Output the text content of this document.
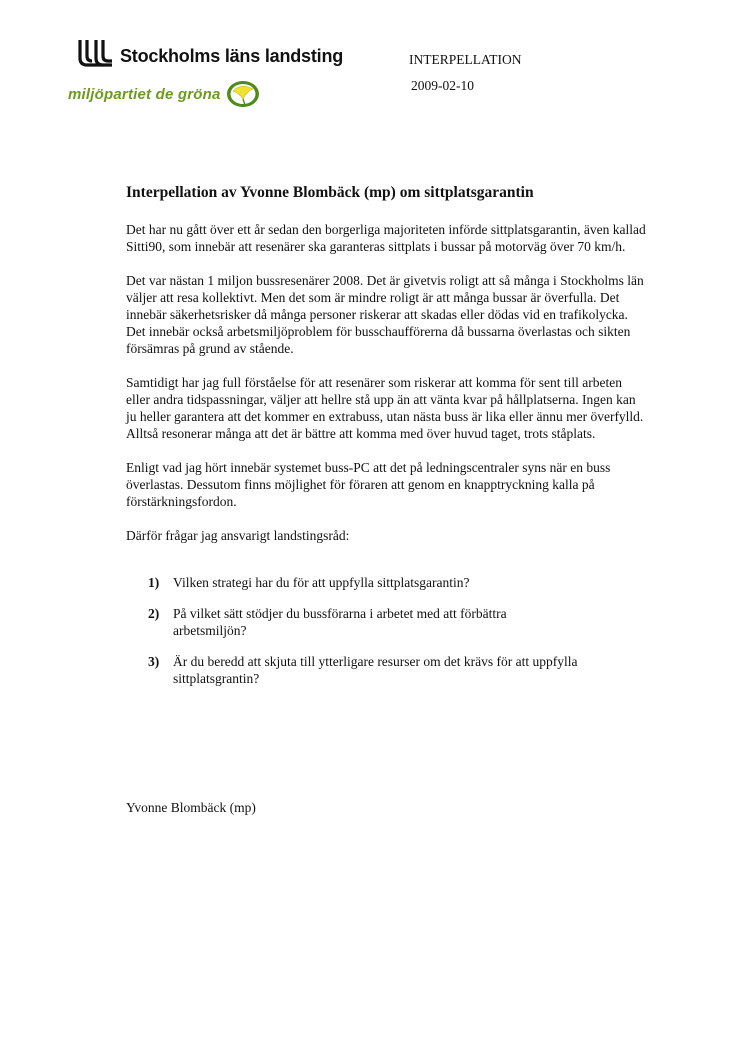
Stockholms läns landsting
miljöpartiet de gröna
INTERPELLATION
2009-02-10
Interpellation av Yvonne Blombäck (mp) om sittplatsgarantin

Det har nu gått över ett år sedan den borgerliga majoriteten införde sittplatsgarantin, även kallad Sitti90, som innebär att resenärer ska garanteras sittplats i bussar på motorväg över 70 km/h.

Det var nästan 1 miljon bussresenärer 2008. Det är givetvis roligt att så många i Stockholms län väljer att resa kollektivt. Men det som är mindre roligt är att många bussar är överfulla. Det innebär säkerhetsrisker då många personer riskerar att skadas eller dödas vid en trafikolycka. Det innebär också arbetsmiljöproblem för busschaufförerna då bussarna överlastas och sikten försämras på grund av stående.

Samtidigt har jag full förståelse för att resenärer som riskerar att komma för sent till arbeten eller andra tidspassningar, väljer att hellre stå upp än att vänta kvar på hållplatserna. Ingen kan ju heller garantera att det kommer en extrabuss, utan nästa buss är lika eller ännu mer överfylld. Alltså resonerar många att det är bättre att komma med över huvud taget, trots ståplats.

Enligt vad jag hört innebär systemet buss-PC att det på ledningscentraler syns när en buss överlastas. Dessutom finns möjlighet för föraren att genom en knapptryckning kalla på förstärkningsfordon.

Därför frågar jag ansvarigt landstingsråd:

1)	Vilken strategi har du för att uppfylla sittplatsgarantin?
2)	På vilket sätt stödjer du bussförarna i arbetet med att förbättra arbetsmiljön?
3)	Är du beredd att skjuta till ytterligare resurser om det krävs för att uppfylla sittplatsgrantin?
Yvonne Blombäck (mp)
